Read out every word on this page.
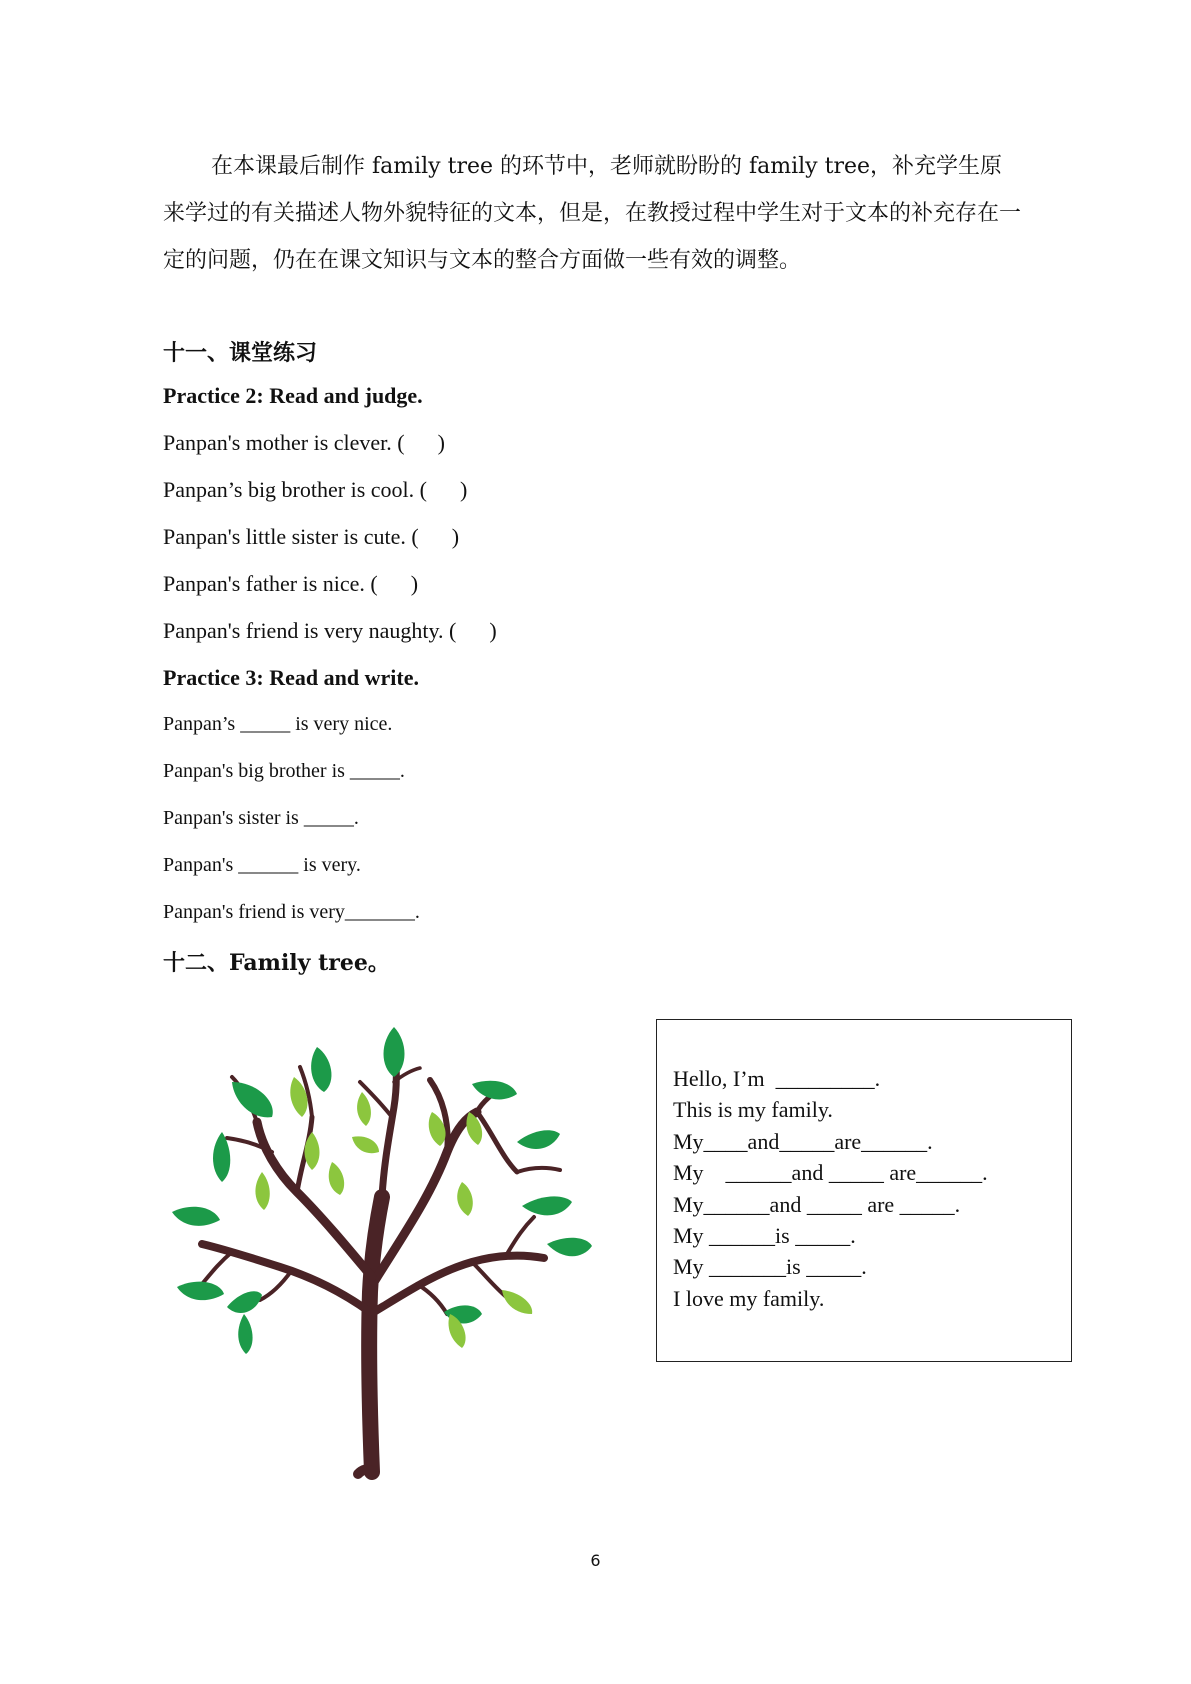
在本课最后制作 family tree 的环节中，老师就盼盼的 family tree，补充学生原来学过的有关描述人物外貌特征的文本，但是，在教授过程中学生对于文本的补充存在一定的问题，仍在在课文知识与文本的整合方面做一些有效的调整。

十一、课堂练习
Practice 2: Read and judge.
Panpan's mother is clever. (      )
Panpan’s big brother is cool. (      )
Panpan's little sister is cute. (      )
Panpan's father is nice. (      )
Panpan's friend is very naughty. (      )
Practice 3: Read and write.
Panpan’s _____ is very nice.
Panpan's big brother is _____.
Panpan's sister is _____.
Panpan's ______ is very.
Panpan's friend is very_______.
十二、Family tree。
Hello, I’m  _________.
This is my family.
My____and_____are______.
My    ______and _____ are______.
My______and _____ are _____.
My ______is _____.
My _______is _____.
I love my family.
6
